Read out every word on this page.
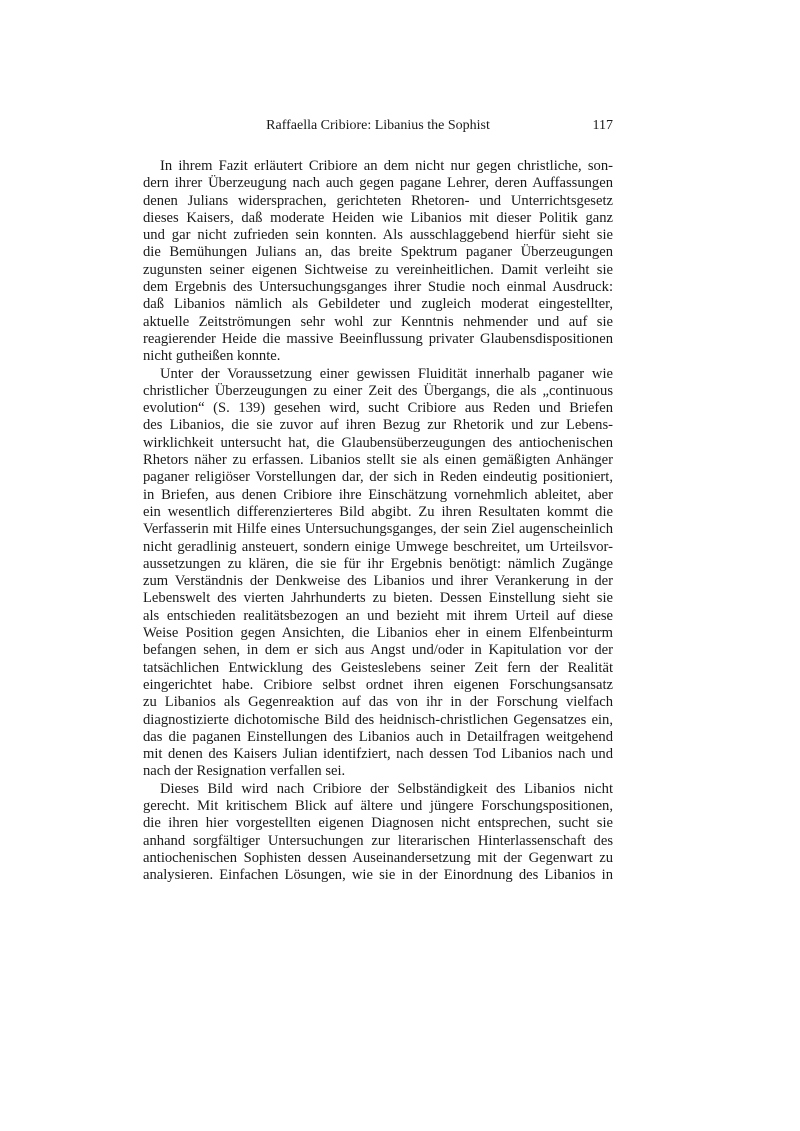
Raffaella Cribiore: Libanius the Sophist	117
In ihrem Fazit erläutert Cribiore an dem nicht nur gegen christliche, son-
dern ihrer Überzeugung nach auch gegen pagane Lehrer, deren Auffassungen
denen Julians widersprachen, gerichteten Rhetoren- und Unterrichtsgesetz
dieses Kaisers, daß moderate Heiden wie Libanios mit dieser Politik ganz
und gar nicht zufrieden sein konnten. Als ausschlaggebend hierfür sieht sie
die Bemühungen Julians an, das breite Spektrum paganer Überzeugungen
zugunsten seiner eigenen Sichtweise zu vereinheitlichen. Damit verleiht sie
dem Ergebnis des Untersuchungsganges ihrer Studie noch einmal Ausdruck:
daß Libanios nämlich als Gebildeter und zugleich moderat eingestellter,
aktuelle Zeitströmungen sehr wohl zur Kenntnis nehmender und auf sie
reagierender Heide die massive Beeinflussung privater Glaubensdispositionen
nicht gutheißen konnte.
Unter der Voraussetzung einer gewissen Fluidität innerhalb paganer wie
christlicher Überzeugungen zu einer Zeit des Übergangs, die als „continuous
evolution“ (S. 139) gesehen wird, sucht Cribiore aus Reden und Briefen
des Libanios, die sie zuvor auf ihren Bezug zur Rhetorik und zur Lebens-
wirklichkeit untersucht hat, die Glaubensüberzeugungen des antiochenischen
Rhetors näher zu erfassen. Libanios stellt sie als einen gemäßigten Anhänger
paganer religiöser Vorstellungen dar, der sich in Reden eindeutig positioniert,
in Briefen, aus denen Cribiore ihre Einschätzung vornehmlich ableitet, aber
ein wesentlich differenzierteres Bild abgibt. Zu ihren Resultaten kommt die
Verfasserin mit Hilfe eines Untersuchungsganges, der sein Ziel augenscheinlich
nicht geradlinig ansteuert, sondern einige Umwege beschreitet, um Urteilsvor-
aussetzungen zu klären, die sie für ihr Ergebnis benötigt: nämlich Zugänge
zum Verständnis der Denkweise des Libanios und ihrer Verankerung in der
Lebenswelt des vierten Jahrhunderts zu bieten. Dessen Einstellung sieht sie
als entschieden realitätsbezogen an und bezieht mit ihrem Urteil auf diese
Weise Position gegen Ansichten, die Libanios eher in einem Elfenbeinturm
befangen sehen, in dem er sich aus Angst und/oder in Kapitulation vor der
tatsächlichen Entwicklung des Geisteslebens seiner Zeit fern der Realität
eingerichtet habe. Cribiore selbst ordnet ihren eigenen Forschungsansatz
zu Libanios als Gegenreaktion auf das von ihr in der Forschung vielfach
diagnostizierte dichotomische Bild des heidnisch-christlichen Gegensatzes ein,
das die paganen Einstellungen des Libanios auch in Detailfragen weitgehend
mit denen des Kaisers Julian identifziert, nach dessen Tod Libanios nach und
nach der Resignation verfallen sei.
Dieses Bild wird nach Cribiore der Selbständigkeit des Libanios nicht
gerecht. Mit kritischem Blick auf ältere und jüngere Forschungspositionen,
die ihren hier vorgestellten eigenen Diagnosen nicht entsprechen, sucht sie
anhand sorgfältiger Untersuchungen zur literarischen Hinterlassenschaft des
antiochenischen Sophisten dessen Auseinandersetzung mit der Gegenwart zu
analysieren. Einfachen Lösungen, wie sie in der Einordnung des Libanios in
